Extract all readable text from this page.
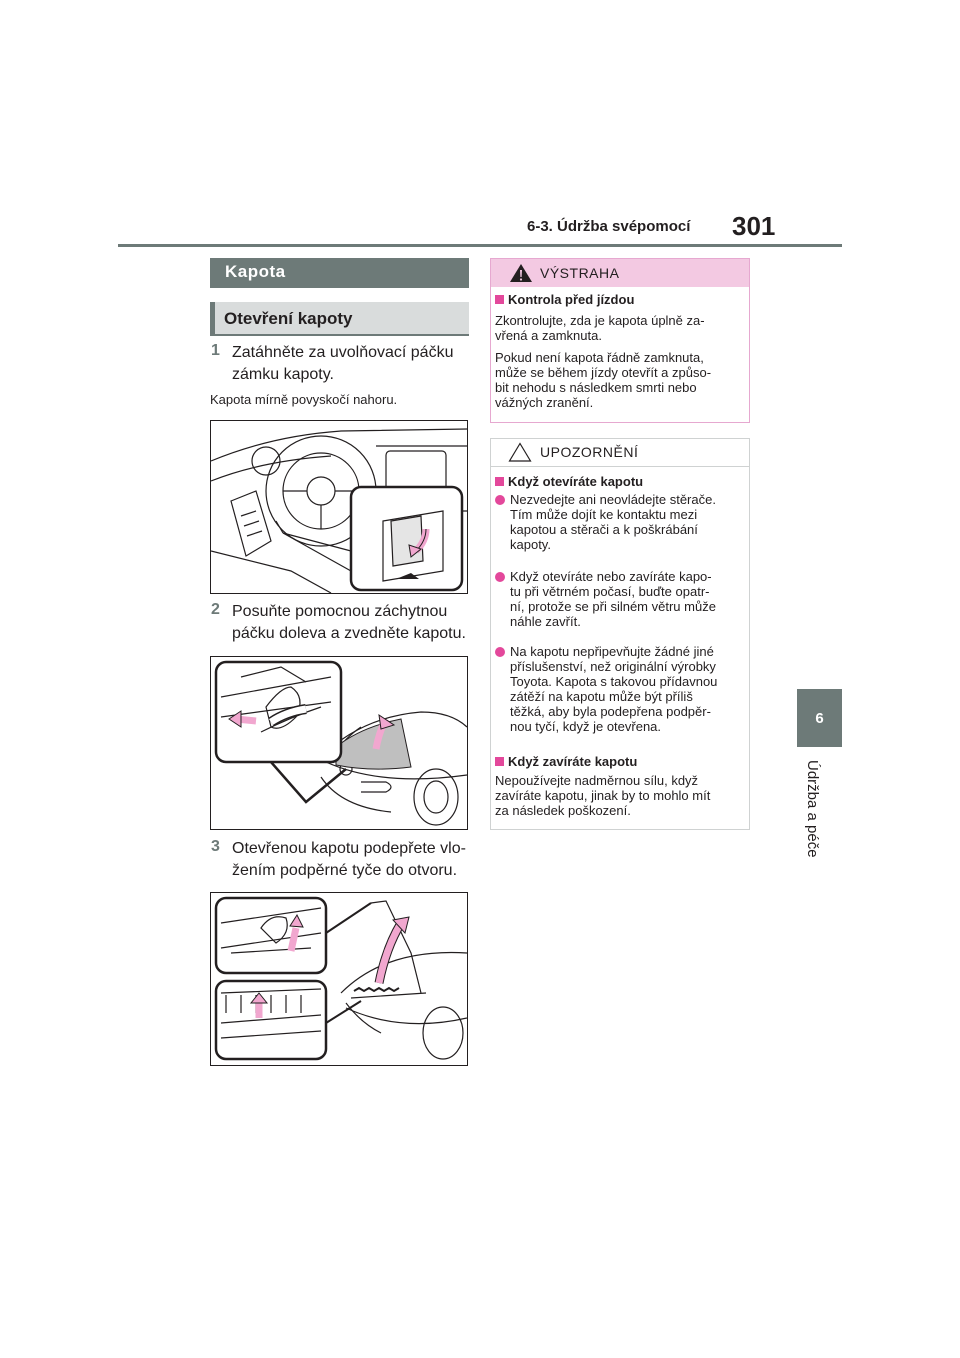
6-3. Údržba svépomocí 301
6
Údržba a péče
Kapota
Otevření kapoty
1 Zatáhněte za uvolňovací páčku
zámku kapoty.
Kapota mírně povyskočí nahoru.
2 Posuňte pomocnou záchytnou
páčku doleva a zvedněte kapotu.
3 Otevřenou kapotu podepřete vlo-
žením podpěrné tyče do otvoru.
VÝSTRAHA
Kontrola před jízdou
Zkontrolujte, zda je kapota úplně za-
vřená a zamknuta.
Pokud není kapota řádně zamknuta,
může se během jízdy otevřít a způso-
bit nehodu s následkem smrti nebo
vážných zranění.
UPOZORNĚNÍ
Když otevíráte kapotu
Nezvedejte ani neovládejte stěrače.
Tím může dojít ke kontaktu mezi
kapotou a stěrači a k poškrábání
kapoty.
Když otevíráte nebo zavíráte kapo-
tu při větrném počasí, buďte opatr-
ní, protože se při silném větru může
náhle zavřít.
Na kapotu nepřipevňujte žádné jiné
příslušenství, než originální výrobky
Toyota. Kapota s takovou přídavnou
zátěží na kapotu může být příliš
těžká, aby byla podepřena podpěr-
nou tyčí, když je otevřena.
Když zavíráte kapotu
Nepoužívejte nadměrnou sílu, když
zavíráte kapotu, jinak by to mohlo mít
za následek poškození.
